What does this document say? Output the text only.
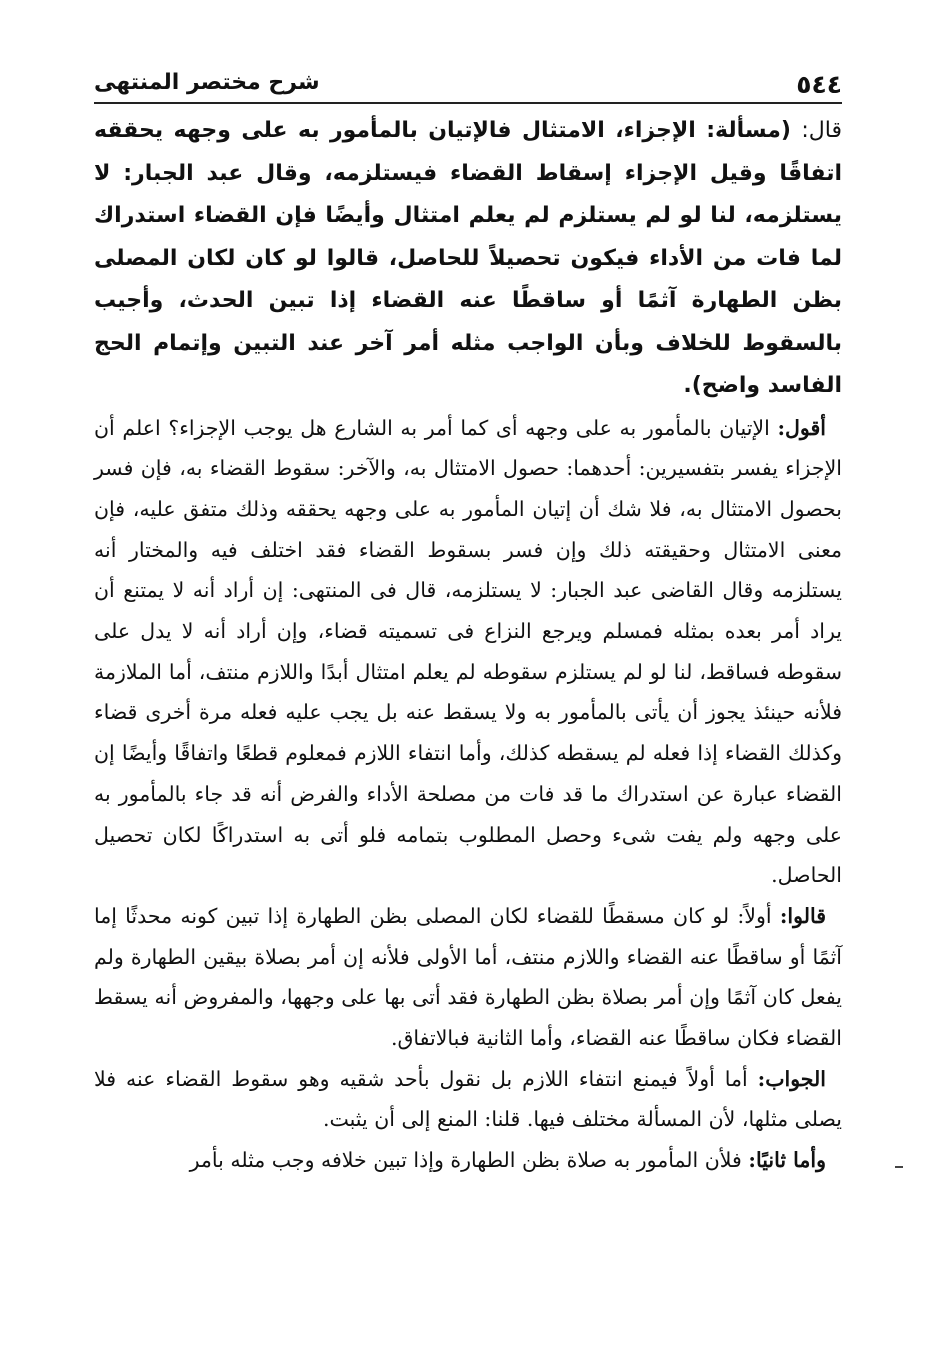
٥٤٤
شرح مختصر المنتهى

قال: (مسألة: الإجزاء، الامتثال فالإتيان بالمأمور به على وجهه يحققه اتفاقًا وقيل الإجزاء إسقاط القضاء فيستلزمه، وقال عبد الجبار: لا يستلزمه، لنا لو لم يستلزم لم يعلم امتثال وأيضًا فإن القضاء استدراك لما فات من الأداء فيكون تحصيلاً للحاصل، قالوا لو كان لكان المصلى بظن الطهارة آثمًا أو ساقطًا عنه القضاء إذا تبين الحدث، وأجيب بالسقوط للخلاف وبأن الواجب مثله أمر آخر عند التبين وإتمام الحج الفاسد واضح).

أقول: الإتيان بالمأمور به على وجهه أى كما أمر به الشارع هل يوجب الإجزاء؟ اعلم أن الإجزاء يفسر بتفسيرين: أحدهما: حصول الامتثال به، والآخر: سقوط القضاء به، فإن فسر بحصول الامتثال به، فلا شك أن إتيان المأمور به على وجهه يحققه وذلك متفق عليه، فإن معنى الامتثال وحقيقته ذلك وإن فسر بسقوط القضاء فقد اختلف فيه والمختار أنه يستلزمه وقال القاضى عبد الجبار: لا يستلزمه، قال فى المنتهى: إن أراد أنه لا يمتنع أن يراد أمر بعده بمثله فمسلم ويرجع النزاع فى تسميته قضاء، وإن أراد أنه لا يدل على سقوطه فساقط، لنا لو لم يستلزم سقوطه لم يعلم امتثال أبدًا واللازم منتف، أما الملازمة فلأنه حينئذ يجوز أن يأتى بالمأمور به ولا يسقط عنه بل يجب عليه فعله مرة أخرى قضاء وكذلك القضاء إذا فعله لم يسقطه كذلك، وأما انتفاء اللازم فمعلوم قطعًا واتفاقًا وأيضًا إن القضاء عبارة عن استدراك ما قد فات من مصلحة الأداء والفرض أنه قد جاء بالمأمور به على وجهه ولم يفت شىء وحصل المطلوب بتمامه فلو أتى به استدراكًا لكان تحصيل الحاصل.

قالوا: أولاً: لو كان مسقطًا للقضاء لكان المصلى بظن الطهارة إذا تبين كونه محدثًا إما آثمًا أو ساقطًا عنه القضاء واللازم منتف، أما الأولى فلأنه إن أمر بصلاة بيقين الطهارة ولم يفعل كان آثمًا وإن أمر بصلاة بظن الطهارة فقد أتى بها على وجهها، والمفروض أنه يسقط القضاء فكان ساقطًا عنه القضاء، وأما الثانية فبالاتفاق.

الجواب: أما أولاً فيمنع انتفاء اللازم بل نقول بأحد شقيه وهو سقوط القضاء عنه فلا يصلى مثلها، لأن المسألة مختلف فيها. قلنا: المنع إلى أن يثبت.

وأما ثانيًا: فلأن المأمور به صلاة بظن الطهارة وإذا تبين خلافه وجب مثله بأمر
